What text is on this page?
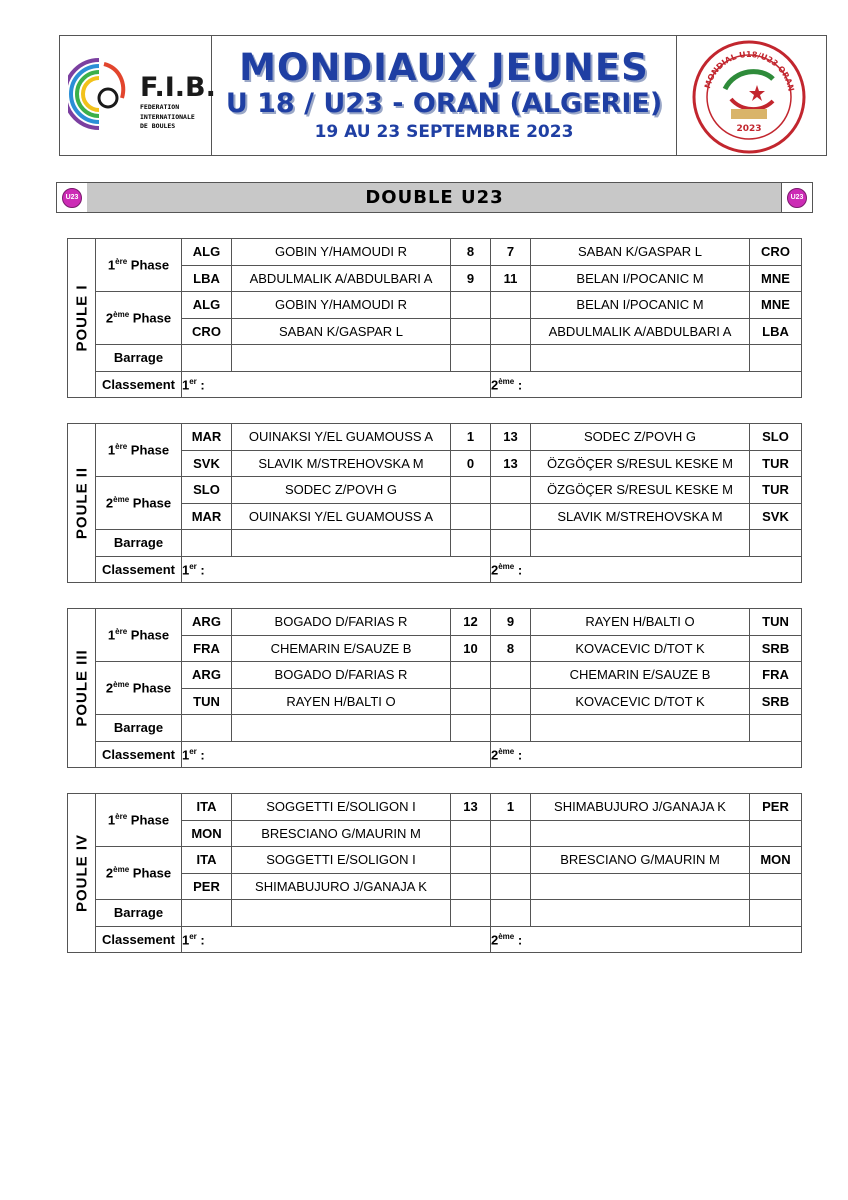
F.I.B.
FEDERATION
INTERNATIONALE
DE BOULES
MONDIAUX JEUNES
U 18 / U23 - ORAN (ALGERIE)
19 AU 23 SEPTEMBRE 2023
MONDIAL U18/U23 ORAN
2023
U23	DOUBLE U23	U23
POULE I	1ère Phase	ALG	GOBIN Y/HAMOUDI R	8	7	SABAN K/GASPAR L	CRO
		LBA	ABDULMALIK A/ABDULBARI A	9	11	BELAN I/POCANIC M	MNE
	2ème Phase	ALG	GOBIN Y/HAMOUDI R			BELAN I/POCANIC M	MNE
		CRO	SABAN K/GASPAR L			ABDULMALIK A/ABDULBARI A	LBA
	Barrage						
	Classement	1er :			2ème :		
POULE II	1ère Phase	MAR	OUINAKSI Y/EL GUAMOUSS A	1	13	SODEC Z/POVH G	SLO
		SVK	SLAVIK M/STREHOVSKA M	0	13	ÖZGÖÇER S/RESUL KESKE M	TUR
	2ème Phase	SLO	SODEC Z/POVH G			ÖZGÖÇER S/RESUL KESKE M	TUR
		MAR	OUINAKSI Y/EL GUAMOUSS A			SLAVIK M/STREHOVSKA M	SVK
	Barrage						
	Classement	1er :			2ème :		
POULE III	1ère Phase	ARG	BOGADO D/FARIAS R	12	9	RAYEN H/BALTI O	TUN
		FRA	CHEMARIN E/SAUZE B	10	8	KOVACEVIC D/TOT K	SRB
	2ème Phase	ARG	BOGADO D/FARIAS R			CHEMARIN E/SAUZE B	FRA
		TUN	RAYEN H/BALTI O			KOVACEVIC D/TOT K	SRB
	Barrage						
	Classement	1er :			2ème :		
POULE IV	1ère Phase	ITA	SOGGETTI E/SOLIGON I	13	1	SHIMABUJURO J/GANAJA K	PER
		MON	BRESCIANO G/MAURIN M				
	2ème Phase	ITA	SOGGETTI E/SOLIGON I			BRESCIANO G/MAURIN M	MON
		PER	SHIMABUJURO J/GANAJA K				
	Barrage						
	Classement	1er :			2ème :		
